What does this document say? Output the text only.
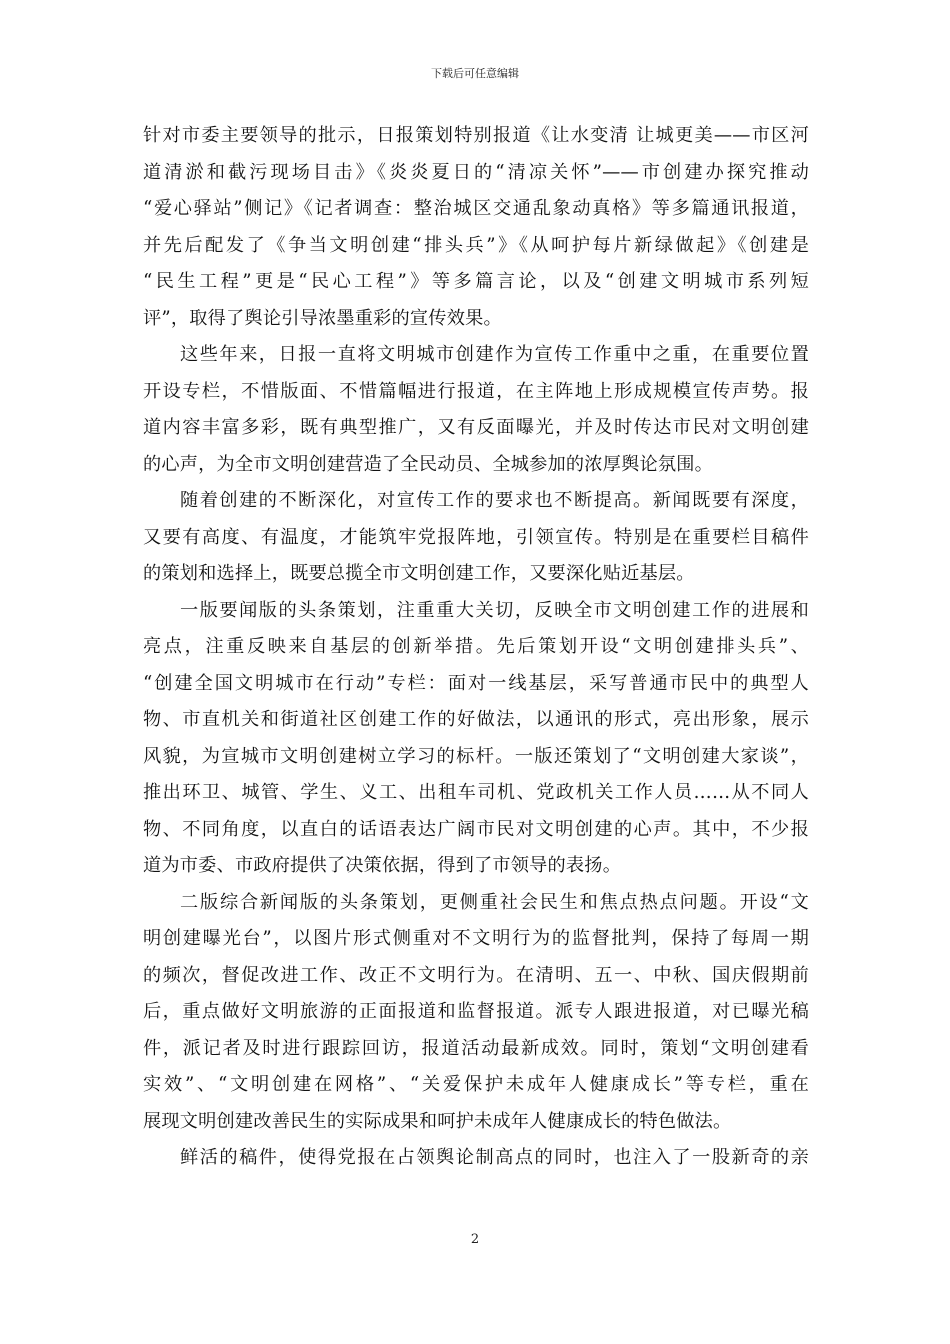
下载后可任意编辑
针对市委主要领导的批示，日报策划特别报道《让水变清 让城更美——市区河
道清淤和截污现场目击》《炎炎夏日的“清凉关怀”——市创建办探究推动
“爱心驿站”侧记》《记者调查：整治城区交通乱象动真格》等多篇通讯报道，
并先后配发了《争当文明创建“排头兵”》《从呵护每片新绿做起》《创建是
“民生工程”更是“民心工程”》等多篇言论，以及“创建文明城市系列短
评”，取得了舆论引导浓墨重彩的宣传效果。
这些年来，日报一直将文明城市创建作为宣传工作重中之重，在重要位置
开设专栏，不惜版面、不惜篇幅进行报道，在主阵地上形成规模宣传声势。报
道内容丰富多彩，既有典型推广，又有反面曝光，并及时传达市民对文明创建
的心声，为全市文明创建营造了全民动员、全城参加的浓厚舆论氛围。
随着创建的不断深化，对宣传工作的要求也不断提高。新闻既要有深度，
又要有高度、有温度，才能筑牢党报阵地，引领宣传。特别是在重要栏目稿件
的策划和选择上，既要总揽全市文明创建工作，又要深化贴近基层。
一版要闻版的头条策划，注重重大关切，反映全市文明创建工作的进展和
亮点，注重反映来自基层的创新举措。先后策划开设“文明创建排头兵”、
“创建全国文明城市在行动”专栏：面对一线基层，采写普通市民中的典型人
物、市直机关和街道社区创建工作的好做法，以通讯的形式，亮出形象，展示
风貌，为宣城市文明创建树立学习的标杆。一版还策划了“文明创建大家谈”，
推出环卫、城管、学生、义工、出租车司机、党政机关工作人员……从不同人
物、不同角度，以直白的话语表达广阔市民对文明创建的心声。其中，不少报
道为市委、市政府提供了决策依据，得到了市领导的表扬。
二版综合新闻版的头条策划，更侧重社会民生和焦点热点问题。开设“文
明创建曝光台”，以图片形式侧重对不文明行为的监督批判，保持了每周一期
的频次，督促改进工作、改正不文明行为。在清明、五一、中秋、国庆假期前
后，重点做好文明旅游的正面报道和监督报道。派专人跟进报道，对已曝光稿
件，派记者及时进行跟踪回访，报道活动最新成效。同时，策划“文明创建看
实效”、“文明创建在网格”、“关爱保护未成年人健康成长”等专栏，重在
展现文明创建改善民生的实际成果和呵护未成年人健康成长的特色做法。
鲜活的稿件，使得党报在占领舆论制高点的同时，也注入了一股新奇的亲
2
